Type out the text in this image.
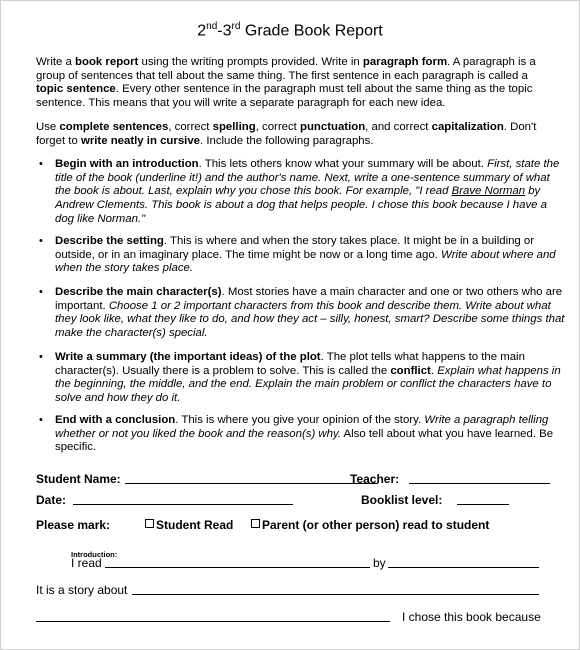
2nd-3rd Grade Book Report
Write a book report using the writing prompts provided. Write in paragraph form. A paragraph is a group of sentences that tell about the same thing. The first sentence in each paragraph is called a topic sentence. Every other sentence in the paragraph must tell about the same thing as the topic sentence. This means that you will write a separate paragraph for each new idea.
Use complete sentences, correct spelling, correct punctuation, and correct capitalization. Don't forget to write neatly in cursive. Include the following paragraphs.
• Begin with an introduction. This lets others know what your summary will be about. First, state the title of the book (underline it!) and the author's name. Next, write a one-sentence summary of what the book is about. Last, explain why you chose this book. For example, "I read Brave Norman by Andrew Clements. This book is about a dog that helps people. I chose this book because I have a dog like Norman."
• Describe the setting. This is where and when the story takes place. It might be in a building or outside, or in an imaginary place. The time might be now or a long time ago. Write about where and when the story takes place.
• Describe the main character(s). Most stories have a main character and one or two others who are important. Choose 1 or 2 important characters from this book and describe them. Write about what they look like, what they like to do, and how they act – silly, honest, smart? Describe some things that make the character(s) special.
• Write a summary (the important ideas) of the plot. The plot tells what happens to the main character(s). Usually there is a problem to solve. This is called the conflict. Explain what happens in the beginning, the middle, and the end. Explain the main problem or conflict the characters have to solve and how they do it.
• End with a conclusion. This is where you give your opinion of the story. Write a paragraph telling whether or not you liked the book and the reason(s) why. Also tell about what you have learned. Be specific.
Student Name:	Teacher:
Date:	Booklist level:
Please mark:	Student Read	Parent (or other person) read to student
Introduction:
I read	by
It is a story about
I chose this book because
